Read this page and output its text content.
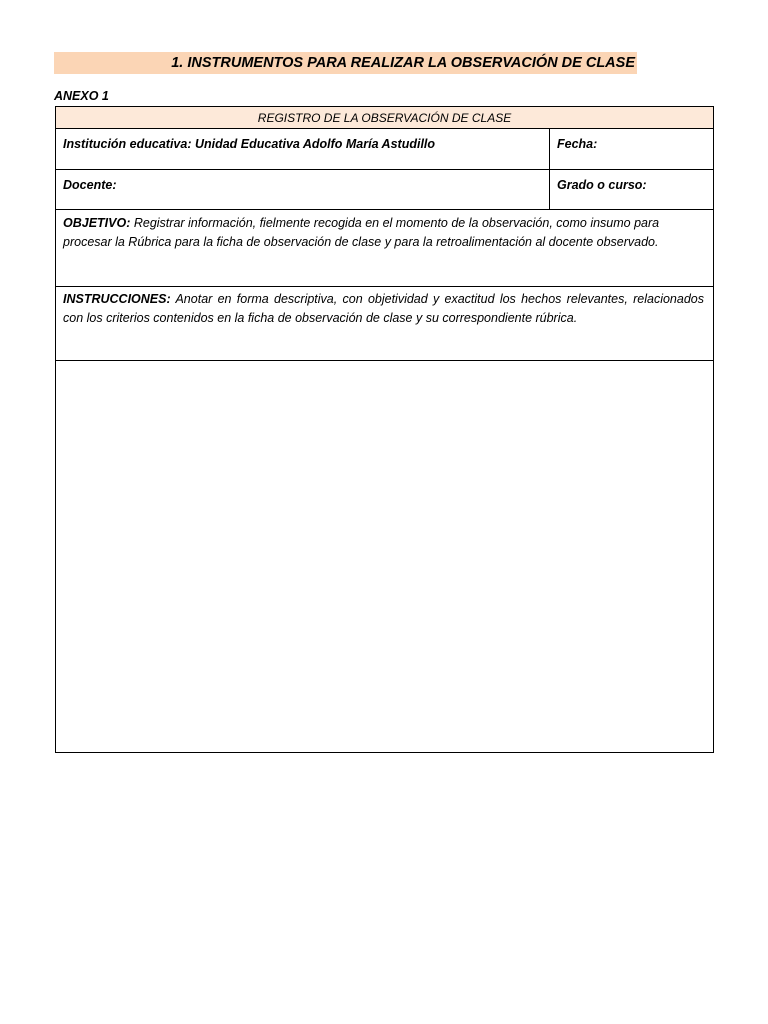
1. INSTRUMENTOS PARA REALIZAR LA OBSERVACIÓN DE CLASE
ANEXO 1
REGISTRO DE LA OBSERVACIÓN DE CLASE
Institución educativa: Unidad Educativa Adolfo María Astudillo	Fecha:
Docente:	Grado o curso:
OBJETIVO: Registrar información, fielmente recogida en el momento de la observación, como insumo para procesar la Rúbrica para la ficha de observación de clase y para la retroalimentación al docente observado.
INSTRUCCIONES: Anotar en forma descriptiva, con objetividad y exactitud los hechos relevantes, relacionados con los criterios contenidos en la ficha de observación de clase y su correspondiente rúbrica.
